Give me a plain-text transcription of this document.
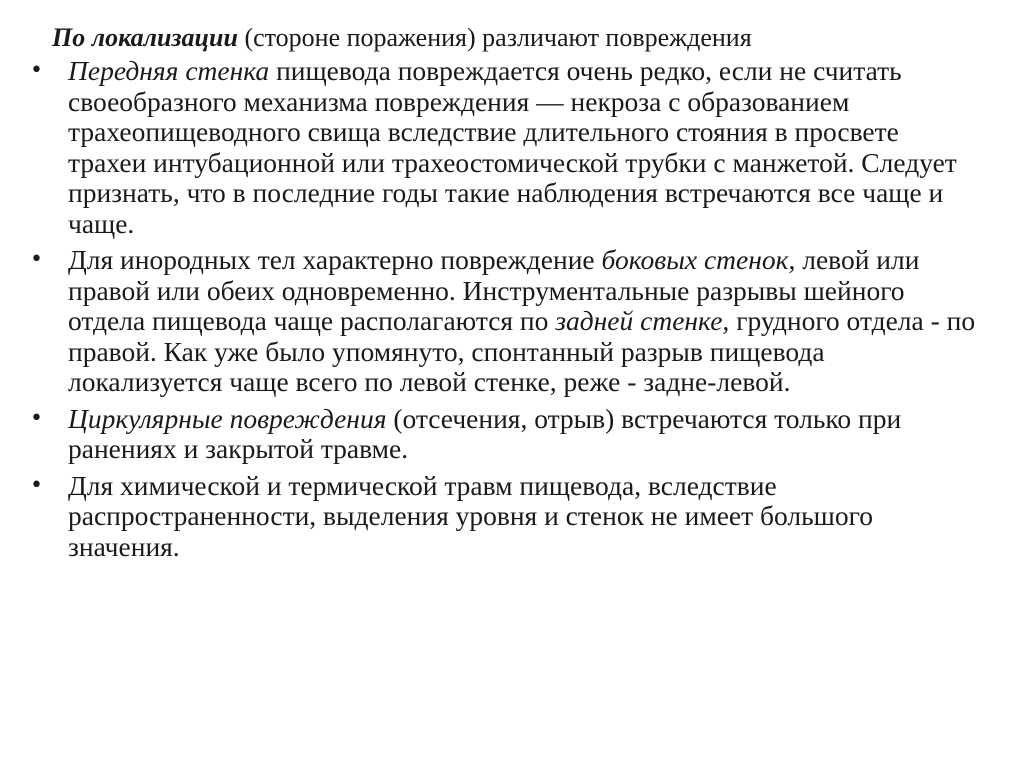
По локализации (стороне поражения) различают повреждения

• Передняя стенка пищевода повреждается очень редко, если не считать своеобразного механизма повреждения — некроза с образованием трахеопищеводного свища вследствие длительного стояния в просвете трахеи интубационной или трахеостомической трубки с манжетой. Следует признать, что в последние годы такие наблюдения встречаются все чаще и чаще.
• Для инородных тел характерно повреждение боковых стенок, левой или правой или обеих одновременно. Инструментальные разрывы шейного отдела пищевода чаще располагаются по задней стенке, грудного отдела - по правой. Как уже было упомянуто, спонтанный разрыв пищевода локализуется чаще всего по левой стенке, реже - задне-левой.
• Циркулярные повреждения (отсечения, отрыв) встречаются только при ранениях и закрытой травме.
• Для химической и термической травм пищевода, вследствие распространенности, выделения уровня и стенок не имеет большого значения.
